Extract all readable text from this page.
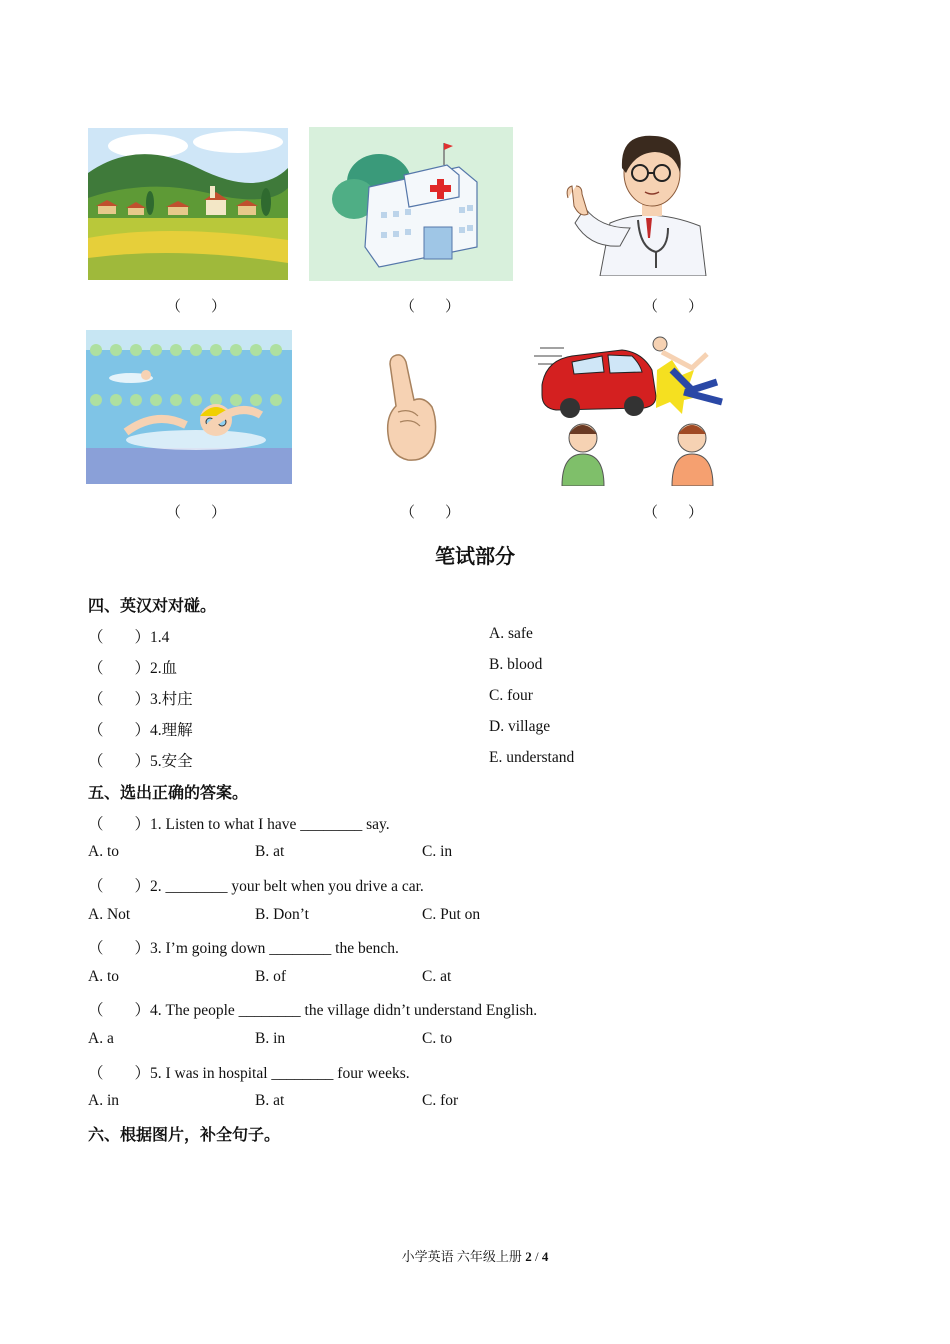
（　　）	（　　）	（　　）
（　　）	（　　）	（　　）
笔试部分
四、英汉对对碰。
（　　）1.4	A. safe
（　　）2.血	B. blood
（　　）3.村庄	C. four
（　　）4.理解	D. village
（　　）5.安全	E. understand
五、选出正确的答案。
（　　）1. Listen to what I have ________ say.
A. to	B. at	C. in
（　　）2. ________ your belt when you drive a car.
A. Not	B. Don’t	C. Put on
（　　）3. I’m going down ________ the bench.
A. to	B. of	C. at
（　　）4. The people ________ the village didn’t understand English.
A. a	B. in	C. to
（　　）5. I was in hospital ________ four weeks.
A. in	B. at	C. for
六、根据图片，补全句子。
小学英语 六年级上册 2 / 4
